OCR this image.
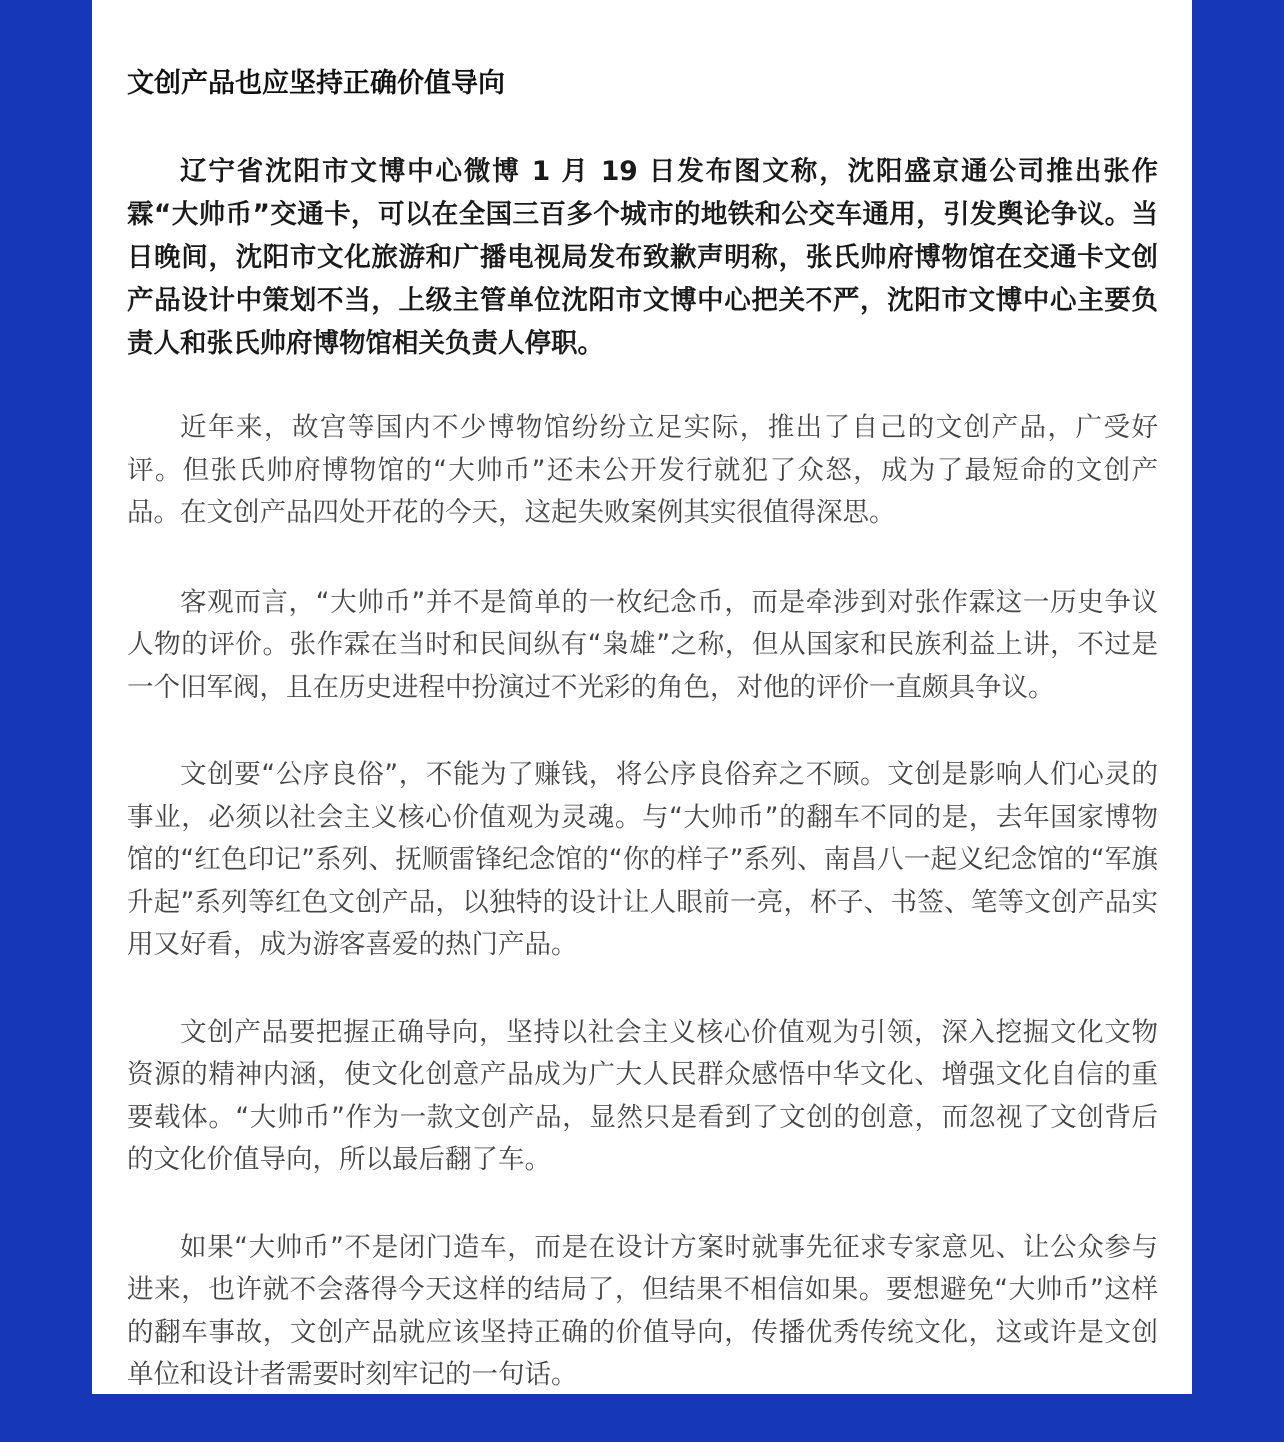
文创产品也应坚持正确价值导向

辽宁省沈阳市文博中心微博 1 月 19 日发布图文称，沈阳盛京通公司推出张作霖“大帅币”交通卡，可以在全国三百多个城市的地铁和公交车通用，引发舆论争议。当日晚间，沈阳市文化旅游和广播电视局发布致歉声明称，张氏帅府博物馆在交通卡文创产品设计中策划不当，上级主管单位沈阳市文博中心把关不严，沈阳市文博中心主要负责人和张氏帅府博物馆相关负责人停职。

近年来，故宫等国内不少博物馆纷纷立足实际，推出了自己的文创产品，广受好评。但张氏帅府博物馆的“大帅币”还未公开发行就犯了众怒，成为了最短命的文创产品。在文创产品四处开花的今天，这起失败案例其实很值得深思。

客观而言，“大帅币”并不是简单的一枚纪念币，而是牵涉到对张作霖这一历史争议人物的评价。张作霖在当时和民间纵有“枭雄”之称，但从国家和民族利益上讲，不过是一个旧军阀，且在历史进程中扮演过不光彩的角色，对他的评价一直颇具争议。

文创要“公序良俗”，不能为了赚钱，将公序良俗弃之不顾。文创是影响人们心灵的事业，必须以社会主义核心价值观为灵魂。与“大帅币”的翻车不同的是，去年国家博物馆的“红色印记”系列、抚顺雷锋纪念馆的“你的样子”系列、南昌八一起义纪念馆的“军旗升起”系列等红色文创产品，以独特的设计让人眼前一亮，杯子、书签、笔等文创产品实用又好看，成为游客喜爱的热门产品。

文创产品要把握正确导向，坚持以社会主义核心价值观为引领，深入挖掘文化文物资源的精神内涵，使文化创意产品成为广大人民群众感悟中华文化、增强文化自信的重要载体。“大帅币”作为一款文创产品，显然只是看到了文创的创意，而忽视了文创背后的文化价值导向，所以最后翻了车。

如果“大帅币”不是闭门造车，而是在设计方案时就事先征求专家意见、让公众参与进来，也许就不会落得今天这样的结局了，但结果不相信如果。要想避免“大帅币”这样的翻车事故，文创产品就应该坚持正确的价值导向，传播优秀传统文化，这或许是文创单位和设计者需要时刻牢记的一句话。
